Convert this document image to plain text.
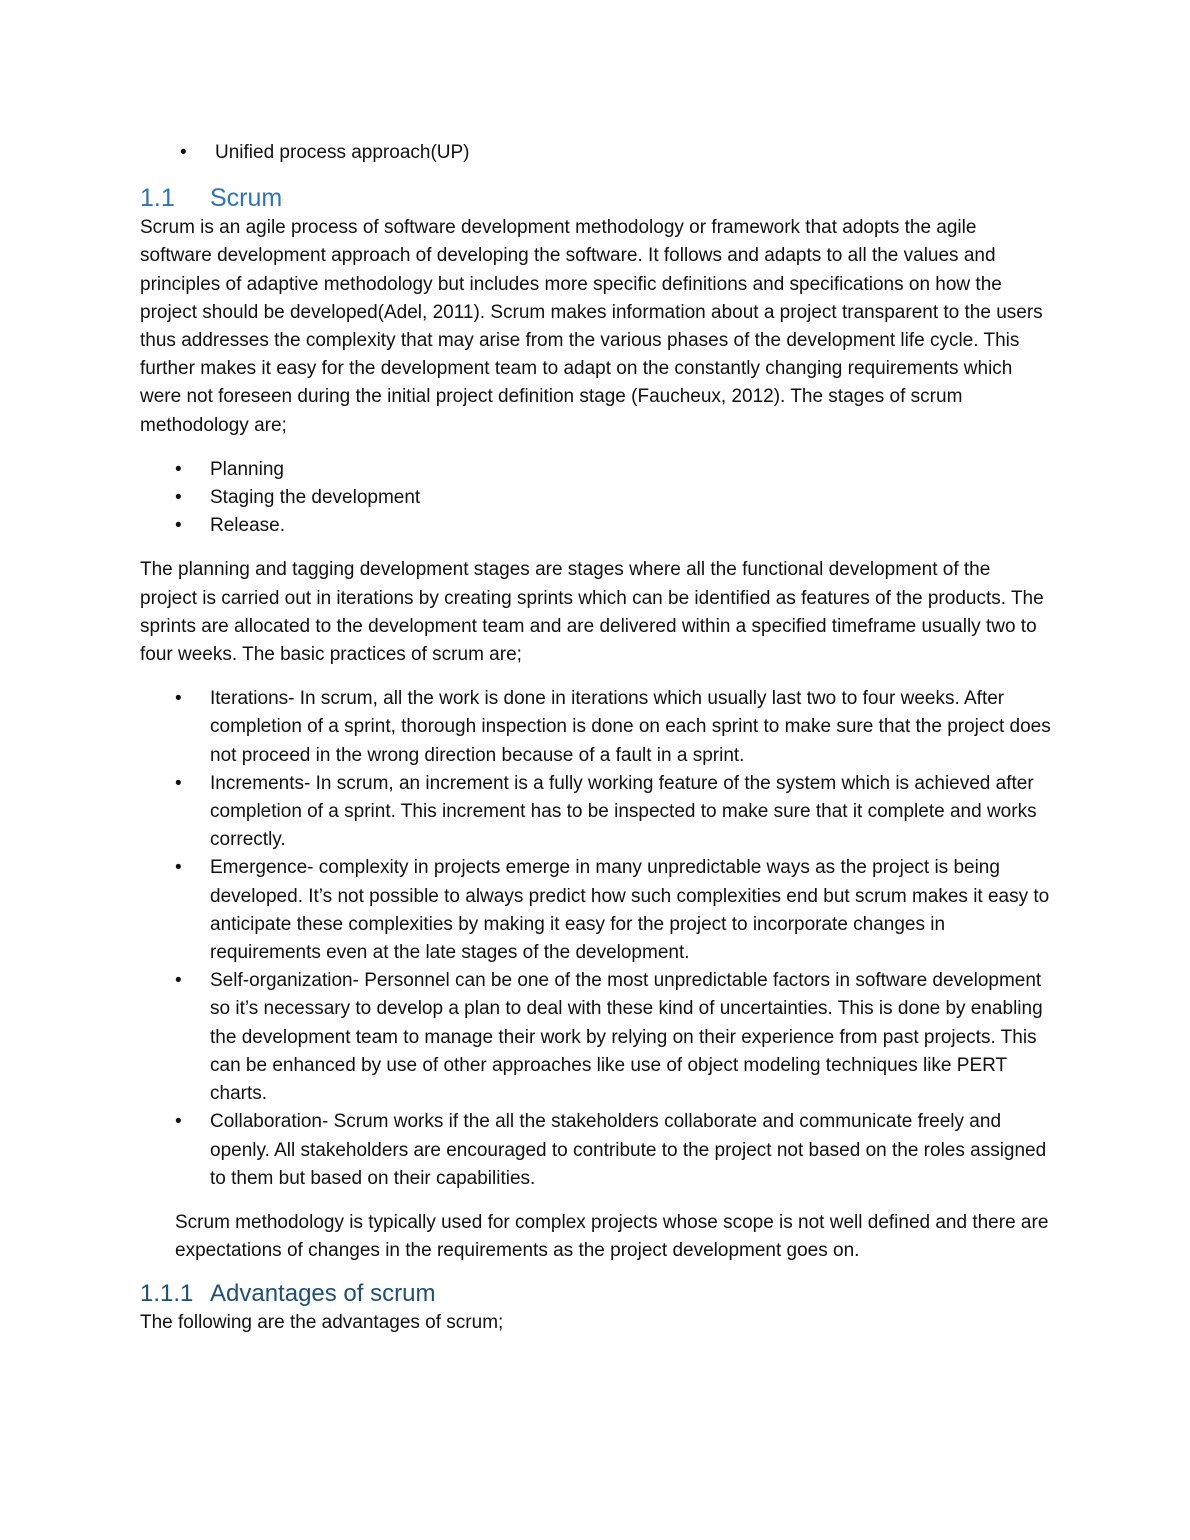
• Unified process approach(UP)
1.1 Scrum

Scrum is an agile process of software development methodology or framework that adopts the agile software development approach of developing the software. It follows and adapts to all the values and principles of adaptive methodology but includes more specific definitions and specifications on how the project should be developed(Adel, 2011). Scrum makes information about a project transparent to the users thus addresses the complexity that may arise from the various phases of the development life cycle. This further makes it easy for the development team to adapt on the constantly changing requirements which were not foreseen during the initial project definition stage (Faucheux, 2012). The stages of scrum methodology are;

• Planning
• Staging the development
• Release.

The planning and tagging development stages are stages where all the functional development of the project is carried out in iterations by creating sprints which can be identified as features of the products. The sprints are allocated to the development team and are delivered within a specified timeframe usually two to four weeks. The basic practices of scrum are;

• Iterations- In scrum, all the work is done in iterations which usually last two to four weeks. After completion of a sprint, thorough inspection is done on each sprint to make sure that the project does not proceed in the wrong direction because of a fault in a sprint.
• Increments- In scrum, an increment is a fully working feature of the system which is achieved after completion of a sprint. This increment has to be inspected to make sure that it complete and works correctly.
• Emergence- complexity in projects emerge in many unpredictable ways as the project is being developed. It’s not possible to always predict how such complexities end but scrum makes it easy to anticipate these complexities by making it easy for the project to incorporate changes in requirements even at the late stages of the development.
• Self-organization- Personnel can be one of the most unpredictable factors in software development so it’s necessary to develop a plan to deal with these kind of uncertainties. This is done by enabling the development team to manage their work by relying on their experience from past projects. This can be enhanced by use of other approaches like use of object modeling techniques like PERT charts.
• Collaboration- Scrum works if the all the stakeholders collaborate and communicate freely and openly. All stakeholders are encouraged to contribute to the project not based on the roles assigned to them but based on their capabilities.

Scrum methodology is typically used for complex projects whose scope is not well defined and there are expectations of changes in the requirements as the project development goes on.

1.1.1 Advantages of scrum

The following are the advantages of scrum;
